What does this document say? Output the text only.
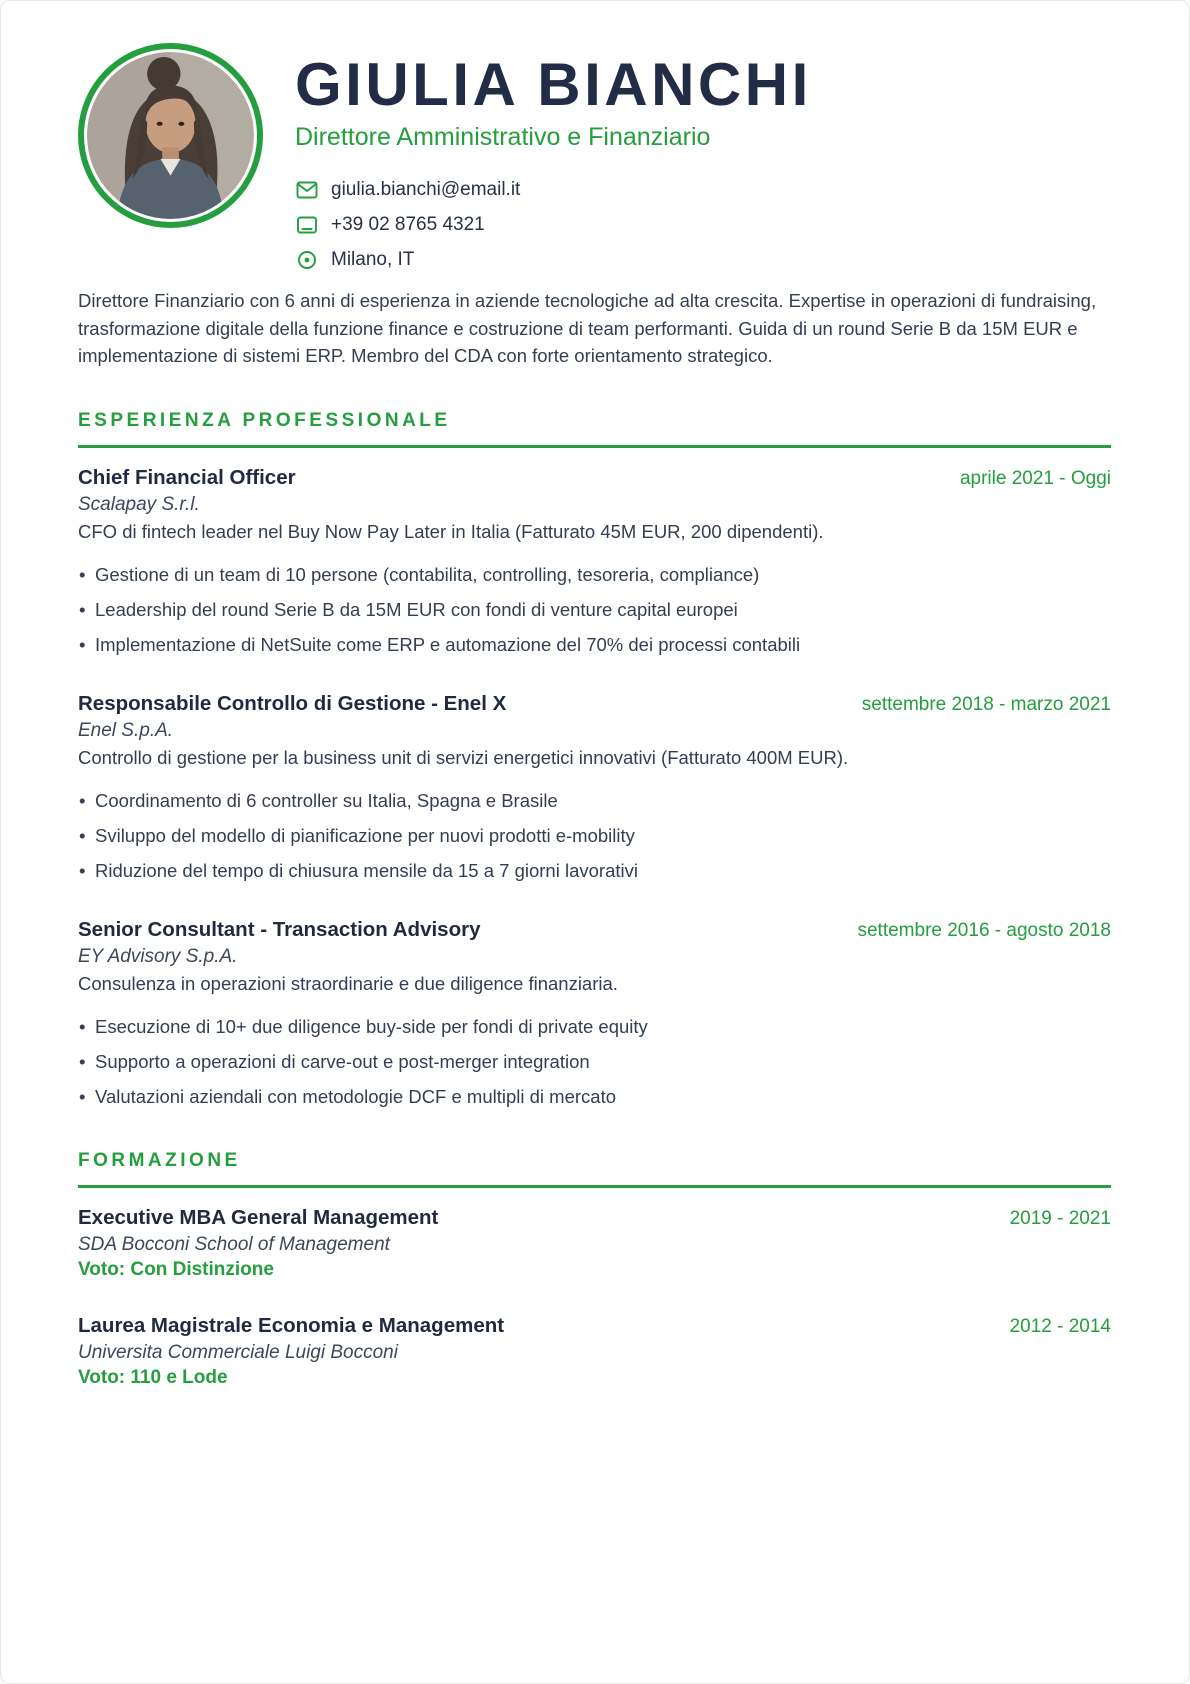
GIULIA BIANCHI
Direttore Amministrativo e Finanziario
giulia.bianchi@email.it
+39 02 8765 4321
Milano, IT

Direttore Finanziario con 6 anni di esperienza in aziende tecnologiche ad alta crescita. Expertise in operazioni di fundraising, trasformazione digitale della funzione finance e costruzione di team performanti. Guida di un round Serie B da 15M EUR e implementazione di sistemi ERP. Membro del CDA con forte orientamento strategico.

ESPERIENZA PROFESSIONALE
Chief Financial Officer	aprile 2021 - Oggi
Scalapay S.r.l.

CFO di fintech leader nel Buy Now Pay Later in Italia (Fatturato 45M EUR, 200 dipendenti).

• Gestione di un team di 10 persone (contabilita, controlling, tesoreria, compliance)
• Leadership del round Serie B da 15M EUR con fondi di venture capital europei
• Implementazione di NetSuite come ERP e automazione del 70% dei processi contabili
Responsabile Controllo di Gestione - Enel X	settembre 2018 - marzo 2021
Enel S.p.A.

Controllo di gestione per la business unit di servizi energetici innovativi (Fatturato 400M EUR).

• Coordinamento di 6 controller su Italia, Spagna e Brasile
• Sviluppo del modello di pianificazione per nuovi prodotti e-mobility
• Riduzione del tempo di chiusura mensile da 15 a 7 giorni lavorativi
Senior Consultant - Transaction Advisory	settembre 2016 - agosto 2018
EY Advisory S.p.A.

Consulenza in operazioni straordinarie e due diligence finanziaria.

• Esecuzione di 10+ due diligence buy-side per fondi di private equity
• Supporto a operazioni di carve-out e post-merger integration
• Valutazioni aziendali con metodologie DCF e multipli di mercato
FORMAZIONE
Executive MBA General Management	2019 - 2021
SDA Bocconi School of Management
Voto: Con Distinzione
Laurea Magistrale Economia e Management	2012 - 2014
Universita Commerciale Luigi Bocconi
Voto: 110 e Lode
